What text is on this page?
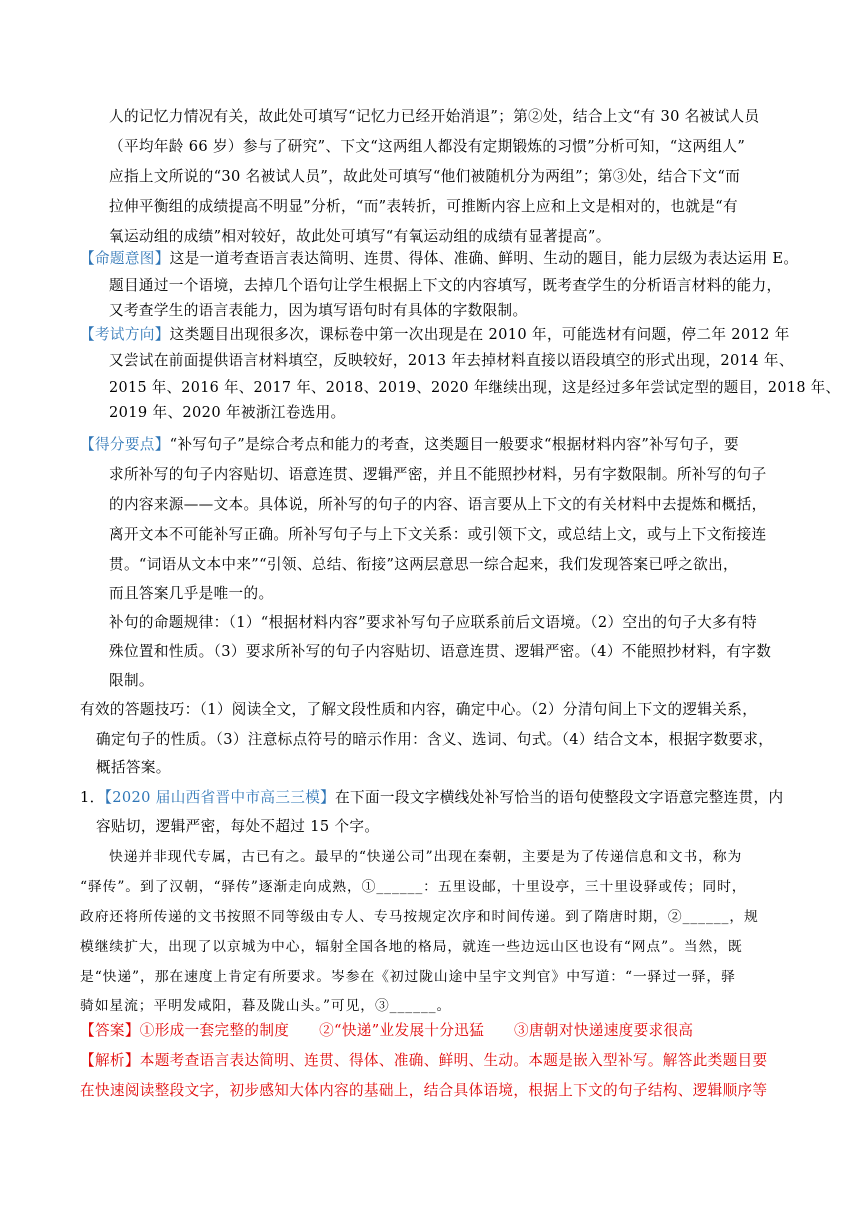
人的记忆力情况有关，故此处可填写“记忆力已经开始消退”；第②处，结合上文“有 30 名被试人员
（平均年龄 66 岁）参与了研究”、下文“这两组人都没有定期锻炼的习惯”分析可知，“这两组人”
应指上文所说的“30 名被试人员”，故此处可填写“他们被随机分为两组”；第③处，结合下文“而
拉伸平衡组的成绩提高不明显”分析，“而”表转折，可推断内容上应和上文是相对的，也就是“有
氧运动组的成绩”相对较好，故此处可填写“有氧运动组的成绩有显著提高”。
【命题意图】这是一道考查语言表达简明、连贯、得体、准确、鲜明、生动的题目，能力层级为表达运用 E。
题目通过一个语境，去掉几个语句让学生根据上下文的内容填写，既考查学生的分析语言材料的能力，
又考查学生的语言表能力，因为填写语句时有具体的字数限制。
【考试方向】这类题目出现很多次，课标卷中第一次出现是在 2010 年，可能选材有问题，停二年 2012 年
又尝试在前面提供语言材料填空，反映较好，2013 年去掉材料直接以语段填空的形式出现，2014 年、
2015 年、2016 年、2017 年、2018、2019、2020 年继续出现，这是经过多年尝试定型的题目，2018 年、
2019 年、2020 年被浙江卷选用。
【得分要点】“补写句子”是综合考点和能力的考查，这类题目一般要求“根据材料内容”补写句子，要
求所补写的句子内容贴切、语意连贯、逻辑严密，并且不能照抄材料，另有字数限制。所补写的句子
的内容来源——文本。具体说，所补写的句子的内容、语言要从上下文的有关材料中去提炼和概括，
离开文本不可能补写正确。所补写句子与上下文关系：或引领下文，或总结上文，或与上下文衔接连
贯。“词语从文本中来”“引领、总结、衔接”这两层意思一综合起来，我们发现答案已呼之欲出，
而且答案几乎是唯一的。
补句的命题规律：（1）“根据材料内容”要求补写句子应联系前后文语境。（2）空出的句子大多有特
殊位置和性质。（3）要求所补写的句子内容贴切、语意连贯、逻辑严密。（4）不能照抄材料，有字数
限制。
有效的答题技巧：（1）阅读全文，了解文段性质和内容，确定中心。（2）分清句间上下文的逻辑关系，
确定句子的性质。（3）注意标点符号的暗示作用：含义、选词、句式。（4）结合文本，根据字数要求，
概括答案。
1．【2020 届山西省晋中市高三三模】在下面一段文字横线处补写恰当的语句使整段文字语意完整连贯，内
容贴切，逻辑严密，每处不超过 15 个字。
快递并非现代专属，古已有之。最早的“快递公司”出现在秦朝，主要是为了传递信息和文书，称为
“驿传”。到了汉朝，“驿传”逐渐走向成熟，①______：五里设邮，十里设亭，三十里设驿或传；同时，
政府还将所传递的文书按照不同等级由专人、专马按规定次序和时间传递。到了隋唐时期，②______，规
模继续扩大，出现了以京城为中心，辐射全国各地的格局，就连一些边远山区也设有“网点”。当然，既
是“快递”，那在速度上肯定有所要求。岑参在《初过陇山途中呈宇文判官》中写道：“一驿过一驿，驿
骑如星流；平明发咸阳，暮及陇山头。”可见，③______。
【答案】①形成一套完整的制度　　②“快递”业发展十分迅猛　　③唐朝对快递速度要求很高
【解析】本题考查语言表达简明、连贯、得体、准确、鲜明、生动。本题是嵌入型补写。解答此类题目要
在快速阅读整段文字，初步感知大体内容的基础上，结合具体语境，根据上下文的句子结构、逻辑顺序等
